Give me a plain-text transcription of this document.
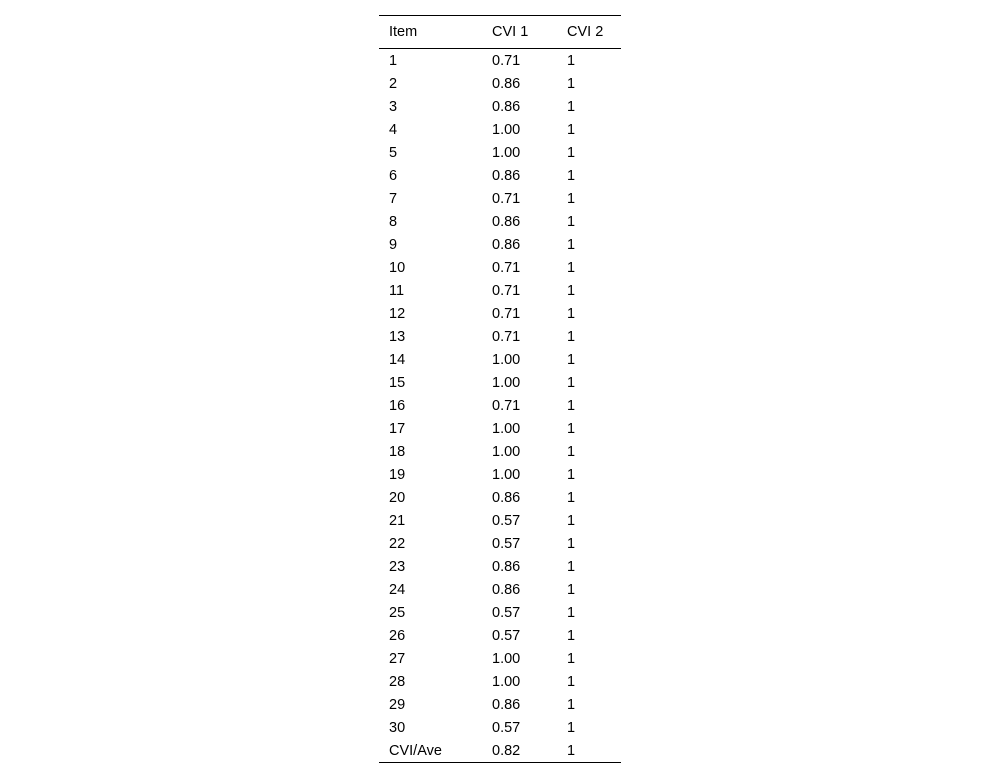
Item	CVI 1	CVI 2
1	0.71	1
2	0.86	1
3	0.86	1
4	1.00	1
5	1.00	1
6	0.86	1
7	0.71	1
8	0.86	1
9	0.86	1
10	0.71	1
11	0.71	1
12	0.71	1
13	0.71	1
14	1.00	1
15	1.00	1
16	0.71	1
17	1.00	1
18	1.00	1
19	1.00	1
20	0.86	1
21	0.57	1
22	0.57	1
23	0.86	1
24	0.86	1
25	0.57	1
26	0.57	1
27	1.00	1
28	1.00	1
29	0.86	1
30	0.57	1
CVI/Ave	0.82	1
